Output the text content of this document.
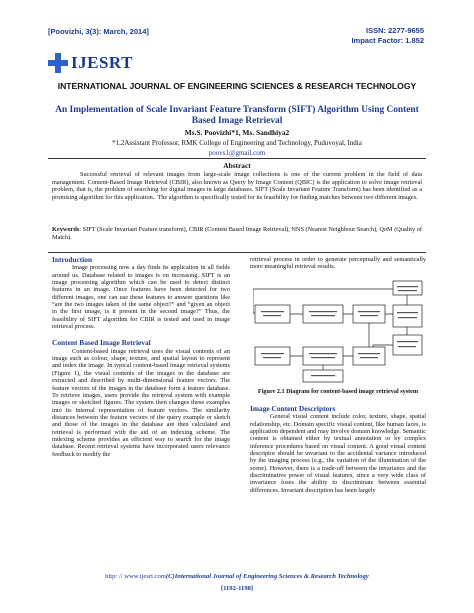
[Poovizhi, 3(3): March, 2014]	ISSN: 2277-9655
Impact Factor: 1.852
IJESRT
INTERNATIONAL JOURNAL OF ENGINEERING SCIENCES & RESEARCH TECHNOLOGY
An Implementation of Scale Invariant Feature Transform (SIFT) Algorithm Using Content Based Image Retrieval
Ms.S. Poovizhi*1, Ms. Sandhiya2
*1,2Assistant Professor, RMK College of Engineering and Technology, Puduvoyal, India
poovs1@gmail.com
Abstract
Successful retrieval of relevant images from large-scale image collections is one of the current problem in the field of data management. Content-Based Image Retrieval (CBIR), also known as Query by Image Content (QBIC) is the application to solve image retrieval problem, that is, the problem of searching for digital images in large databases. SIFT (Scale Invariant Feature Transform) has been identified as a promising algorithm for this application.. The algorithm is specifically tested for its feasibility for finding matches between two different images.
Keywords: SIFT (Scale Invariant Feature transform), CBIR (Content Based Image Retrieval), NNS (Nearest Neighbour Search), QoM (Quality of Match).
Introduction

Image processing now a day finds its application in all fields around us. Database related to images is on increasing. SIFT is an image processing algorithm which can be used to detect distinct features in an image. Once features have been detected for two different images, one can use these features to answer questions like “are the two images taken of the same object?” and “given an object in the first image, is it present in the second image?” Thus, the feasibility of SIFT algorithm for CBIR is tested and used in image retrieval process.

Content Based Image Retrieval

Content-based image retrieval uses the visual contents of an image such as colour, shape, texture, and spatial layout to represent and index the image. In typical content-based image retrieval systems (Figure 1), the visual contents of the images in the database are extracted and described by multi-dimensional feature vectors. The feature vectors of the images in the database form a feature database. To retrieve images, users provide the retrieval system with example images or sketched figures. The system then changes these examples into its internal representation of feature vectors. The similarity distances between the feature vectors of the query example or sketch and those of the images in the database are then calculated and retrieval is performed with the aid of an indexing scheme. The indexing scheme provides an efficient way to search for the image database. Recent retrieval systems have incorporated users relevance feedback to modify the

retrieval process in order to generate perceptually and semantically more meaningful retrieval results.

Figure 2.1 Diagram for content-based image retrieval system
Image Content Descriptors

General visual content include color, texture, shape, spatial relationship, etc. Domain specific visual content, like human faces, is application dependent and may involve domain knowledge. Semantic content is obtained either by textual annotation or by complex inference procedures based on visual content. A good visual content descriptor should be invariant to the accidental variance introduced by the imaging process (e.g., the variation of the illumination of the scene). However, there is a trade-off between the invariance and the discriminative power of visual features, since a very wide class of invariance loses the ability to discriminate between essential differences. Invariant description has been largely

http: // www.ijesrt.com(C)International Journal of Engineering Sciences & Research Technology
[1192-1198]
